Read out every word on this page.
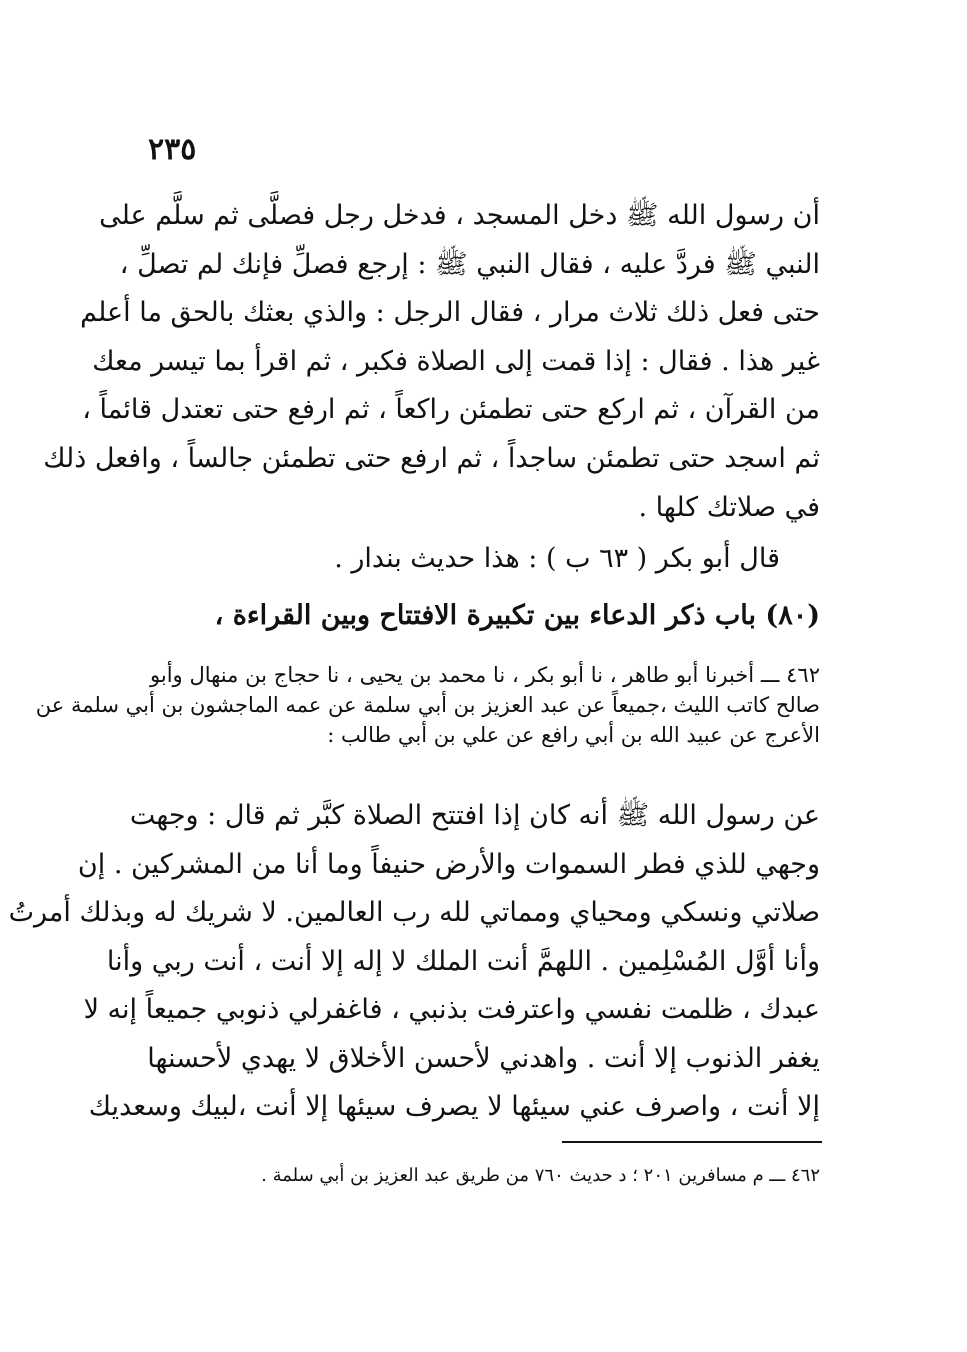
٢٣٥
أن رسول الله ﷺ دخل المسجد ، فدخل رجل فصلَّى ثم سلَّم على
النبي ﷺ فردَّ عليه ، فقال النبي ﷺ : إرجع فصلِّ فإنك لم تصلِّ ،
حتى فعل ذلك ثلاث مرار ، فقال الرجل : والذي بعثك بالحق ما أعلم
غير هذا . فقال : إذا قمت إلى الصلاة فكبر ، ثم اقرأ بما تيسر معك
من القرآن ، ثم اركع حتى تطمئن راكعاً ، ثم ارفع حتى تعتدل قائماً ،
ثم اسجد حتى تطمئن ساجداً ، ثم ارفع حتى تطمئن جالساً ، وافعل ذلك
في صلاتك كلها .
قال أبو بكر ( ٦٣ ب ) : هذا حديث بندار .
(٨٠) باب ذكر الدعاء بين تكبيرة الافتتاح وبين القراءة ،
٤٦٢ ـــ أخبرنا أبو طاهر ، نا أبو بكر ، نا محمد بن يحيى ، نا حجاج بن منهال وأبو
صالح كاتب الليث ،جميعاً عن عبد العزيز بن أبي سلمة عن عمه الماجشون بن أبي سلمة عن
الأعرج عن عبيد الله بن أبي رافع عن علي بن أبي طالب :
عن رسول الله ﷺ أنه كان إذا افتتح الصلاة كبَّر ثم قال : وجهت
وجهي للذي فطر السموات والأرض حنيفاً وما أنا من المشركين . إن
صلاتي ونسكي ومحياي ومماتي لله رب العالمين. لا شريك له وبذلك أمرتُ
وأنا أوَّل المُسْلِمين . اللهمَّ أنت الملك لا إله إلا أنت ، أنت ربي وأنا
عبدك ، ظلمت نفسي واعترفت بذنبي ، فاغفرلي ذنوبي جميعاً إنه لا
يغفر الذنوب إلا أنت . واهدني لأحسن الأخلاق لا يهدي لأحسنها
إلا أنت ، واصرف عني سيئها لا يصرف سيئها إلا أنت ،لبيك وسعديك
٤٦٢ ـــ م مسافرين ٢٠١ ؛ د حديث ٧٦٠ من طريق عبد العزيز بن أبي سلمة .
